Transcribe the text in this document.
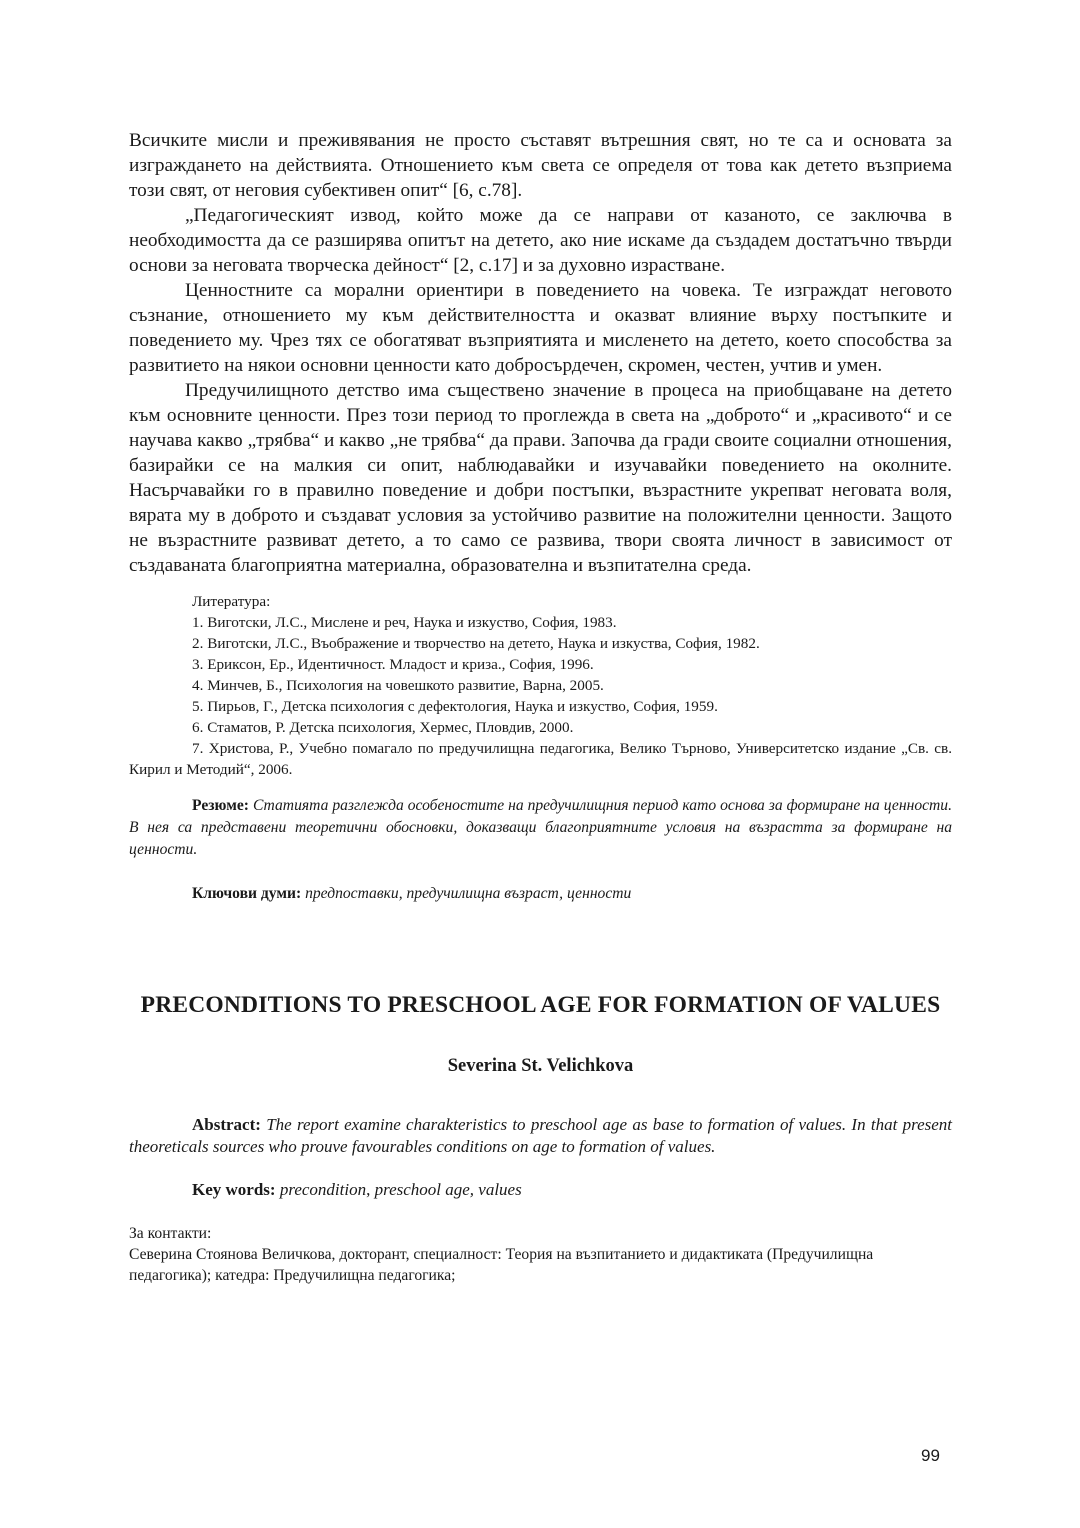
Всичките мисли и преживявания не просто съставят вътрешния свят, но те са и основата за изграждането на действията. Отношението към света се определя от това как детето възприема този свят, от неговия субективен опит“ [6, с.78].

„Педагогическият извод, който може да се направи от казаното, се заключва в необходимостта да се разширява опитът на детето, ако ние искаме да създадем достатъчно твърди основи за неговата творческа дейност“ [2, с.17] и за духовно израстване.

Ценностните са морални ориентири в поведението на човека. Те изграждат неговото съзнание, отношението му към действителността и оказват влияние върху постъпките и поведението му. Чрез тях се обогатяват възприятията и мисленето на детето, което способства за развитието на някои основни ценности като добросърдечен, скромен, честен, учтив и умен.

Предучилищното детство има съществено значение в процеса на приобщаване на детето към основните ценности. През този период то проглежда в света на „доброто“ и „красивото“ и се научава какво „трябва“ и какво „не трябва“ да прави. Започва да гради своите социални отношения, базирайки се на малкия си опит, наблюдавайки и изучавайки поведението на околните. Насърчавайки го в правилно поведение и добри постъпки, възрастните укрепват неговата воля, вярата му в доброто и създават условия за устойчиво развитие на положителни ценности. Защото не възрастните развиват детето, а то само се развива, твори своята личност в зависимост от създаваната благоприятна материална, образователна и възпитателна среда.

Литература:

1. Виготски, Л.С., Мислене и реч, Наука и изкуство, София, 1983.

2. Виготски, Л.С., Въображение и творчество на детето, Наука и изкуства, София, 1982.

3. Ериксон, Ер., Идентичност. Младост и криза., София, 1996.

4. Минчев, Б., Психология на човешкото развитие, Варна, 2005.

5. Пирьов, Г., Детска психология с дефектология, Наука и изкуство, София, 1959.

6. Стаматов, Р. Детска психология, Хермес, Пловдив, 2000.

7. Христова, Р., Учебно помагало по предучилищна педагогика, Велико Търново, Университетско издание „Св. св. Кирил и Методий“, 2006.

Резюме: Статията разглежда особеностите на предучилищния период като основа за формиране на ценности. В нея са представени теоретични обосновки, доказващи благоприятните условия на възрастта за формиране на ценности.

Ключови думи: предпоставки, предучилищна възраст, ценности

PRECONDITIONS TO PRESCHOOL AGE FOR FORMATION OF VALUES
Severina St. Velichkova

Abstract: The report examine charakteristics to preschool age as base to formation of values. In that present theoreticals sources who prouve favourables conditions on age to formation of values.

Key words: precondition, preschool age, values

За контакти:
Северина Стоянова Величкова, докторант, специалност: Теория на възпитанието и дидактиката (Предучилищна педагогика); катедра: Предучилищна педагогика;
99
